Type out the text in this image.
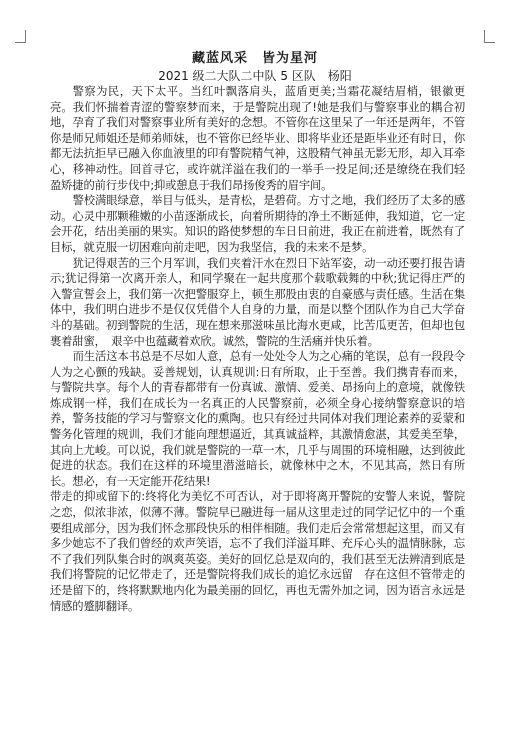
藏蓝风采　皆为星河
2021 级二大队二中队 5 区队　杨阳

警察为民，天下太平。当红叶飘落肩头，蓝盾更美;当霜花凝结眉梢，银徽更亮。我们怀揣着青涩的警察梦而来，于是警院出现了!她是我们与警察事业的耦合初地，孕育了我们对警察事业所有美好的念想。不管你在这里呆了一年还是两年，不管你是师兄师姐还是师弟师妹，也不管你已经毕业、即将毕业还是距毕业还有时日，你都无法抗拒早已融入你血液里的印有警院精气神，这股精气神虽无影无形，却入耳牵心，移神动性。回首寻它，或许就洋溢在我们的一举手一投足间;还是缭绕在我们轻盈矫捷的前行步伐中;抑或憩息于我们昂扬俊秀的眉宇间。

警校满眼绿意，举目与低头，是青松，是碧荷。方寸之地，我们经历了太多的感动。心灵中那颗稚嫩的小苗逐渐成长，向着所期待的净土不断延伸，我知道，它一定会开花，结出美丽的果实。知识的路使梦想的车日日前进，我正在前进着，既然有了目标，就克服一切困难向前走吧，因为我坚信，我的未来不是梦。

犹记得艰苦的三个月军训，我们夹着汗水在烈日下站军姿，动一动还要打报告请示;犹记得第一次离开亲人，和同学聚在一起共度那个载歌载舞的中秋;犹记得庄严的入警宣誓会上，我们第一次把警服穿上，顿生那股由衷的自豪感与责任感。生活在集体中，我们明白进步不是仅仅凭借个人自身的力量，而是以整个团队作为自己大学奋斗的基础。初到警院的生活，现在想来那滋味虽比海水更咸，比苦瓜更苦，但却也包裹着甜蜜，　艰辛中也蕴藏着欢欣。诚然，警院的生活痛并快乐着。

而生活这本书总是不尽如人意，总有一处处令人为之心痛的笔误，总有一段段令人为之心颤的残缺。妥善规划，认真规训:日有所取，止于至善。我们携青春而来，与警院共享。每个人的青春都带有一份真诚、激情、爱美、昂扬向上的意境，就像铁炼成钢一样，我们在成长为一名真正的人民警察前，必须全身心接纳警察意识的培养，警务技能的学习与警察文化的熏陶。也只有经过共同体对我们理论素养的妥蒙和警务化管理的规训，我们才能向理想逼近，其真诚益粹，其激情愈湛，其爱美至挚，其向上尤峻。可以说，我们就是警院的一草一木，几乎与周围的环境相融，达到彼此促进的状态。我们在这样的环境里潜滋暗长，就像林中之木，不见其高，然日有所长。想必，有一天定能开花结果!

带走的抑或留下的:终将化为美忆不可否认，对于即将离开警院的安警人来说，警院之恋，似浓非浓，似薄不薄。警院早已融进每一届从这里走过的同学记忆中的一个重要组成部分，因为我们怀念那段快乐的相伴相随。我们走后会常常想起这里，而又有多少她忘不了我们曾经的欢声笑语，忘不了我们洋溢耳畔、充斥心头的温情脉脉，忘不了我们列队集合时的飒爽英姿。美好的回忆总是双向的，我们甚至无法辨清到底是我们将警院的记忆带走了，还是警院将我们成长的追忆永远留　存在这但不管带走的还是留下的，终将默默地内化为最美丽的回忆，再也无需外加之词，因为语言永远是情感的蹙脚翻译。
